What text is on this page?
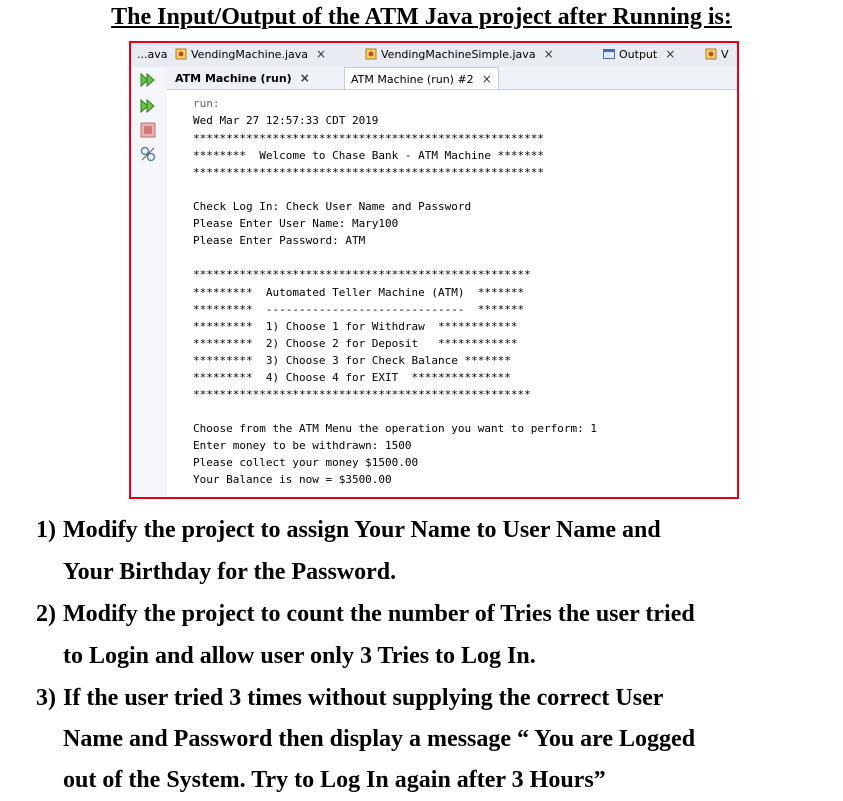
The Input/Output of the ATM Java project after Running is:
...ava	VendingMachine.java ×	VendingMachineSimple.java ×	Output ×	V
ATM Machine (run) ×	ATM Machine (run) #2 ×
run:
Wed Mar 27 12:57:33 CDT 2019
*****************************************************
********  Welcome to Chase Bank - ATM Machine *******
*****************************************************
Check Log In: Check User Name and Password
Please Enter User Name: Mary100
Please Enter Password: ATM
***************************************************
*********  Automated Teller Machine (ATM)  *******
*********  ------------------------------  *******
*********  1) Choose 1 for Withdraw  ************
*********  2) Choose 2 for Deposit   ************
*********  3) Choose 3 for Check Balance *******
*********  4) Choose 4 for EXIT  ***************
***************************************************
Choose from the ATM Menu the operation you want to perform: 1
Enter money to be withdrawn: 1500
Please collect your money $1500.00
Your Balance is now = $3500.00
1) Modify the project to assign Your Name to User Name and
Your Birthday for the Password.
2) Modify the project to count the number of Tries the user tried
to Login and allow user only 3 Tries to Log In.
3) If the user tried 3 times without supplying the correct User
Name and Password then display a message “ You are Logged
out of the System. Try to Log In again after 3 Hours”
